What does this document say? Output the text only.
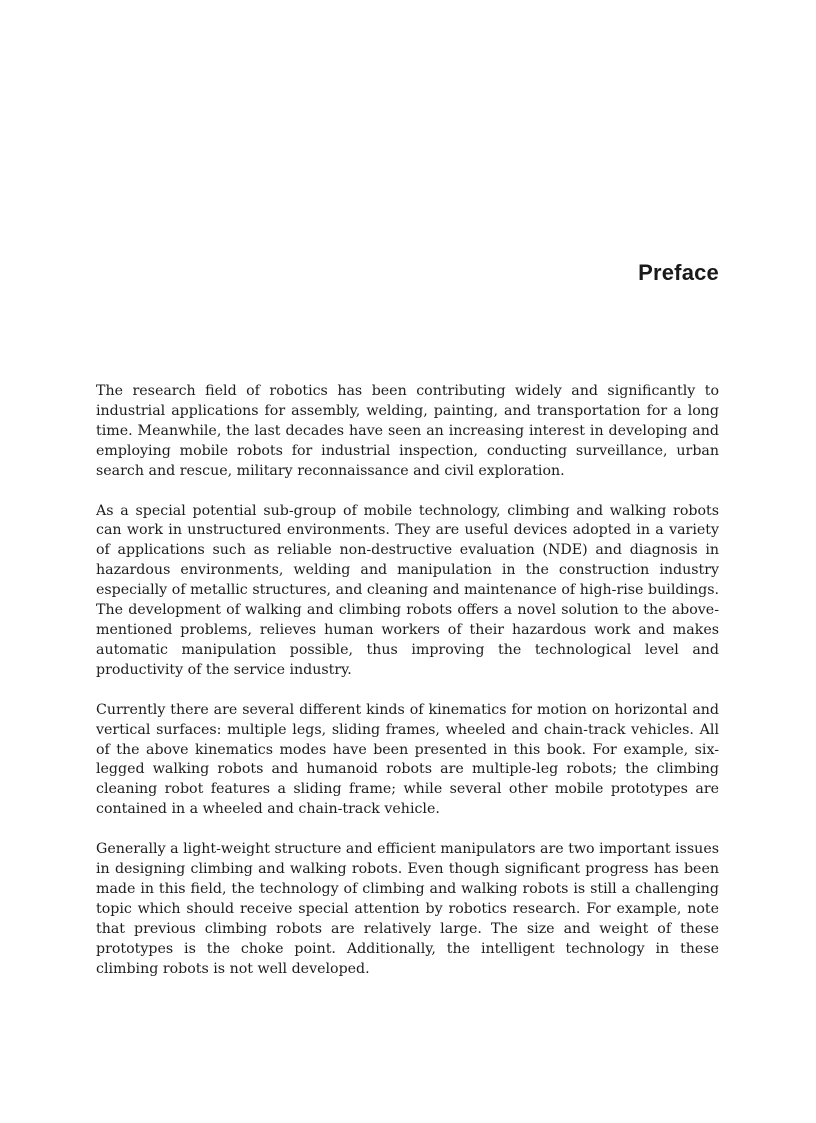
Preface

The research field of robotics has been contributing widely and significantly to industrial applications for assembly, welding, painting, and transportation for a long time. Meanwhile, the last decades have seen an increasing interest in developing and employing mobile robots for industrial inspection, conducting surveillance, urban search and rescue, military reconnaissance and civil exploration.

As a special potential sub-group of mobile technology, climbing and walking robots can work in unstructured environments. They are useful devices adopted in a variety of applications such as reliable non-destructive evaluation (NDE) and diagnosis in hazardous environments, welding and manipulation in the construction industry especially of metallic structures, and cleaning and maintenance of high-rise buildings. The development of walking and climbing robots offers a novel solution to the above-mentioned problems, relieves human workers of their hazardous work and makes automatic manipulation possible, thus improving the technological level and productivity of the service industry.

Currently there are several different kinds of kinematics for motion on horizontal and vertical surfaces: multiple legs, sliding frames, wheeled and chain-track vehicles. All of the above kinematics modes have been presented in this book. For example, six-legged walking robots and humanoid robots are multiple-leg robots; the climbing cleaning robot features a sliding frame; while several other mobile prototypes are contained in a wheeled and chain-track vehicle.

Generally a light-weight structure and efficient manipulators are two important issues in designing climbing and walking robots. Even though significant progress has been made in this field, the technology of climbing and walking robots is still a challenging topic which should receive special attention by robotics research. For example, note that previous climbing robots are relatively large. The size and weight of these prototypes is the choke point. Additionally, the intelligent technology in these climbing robots is not well developed.
